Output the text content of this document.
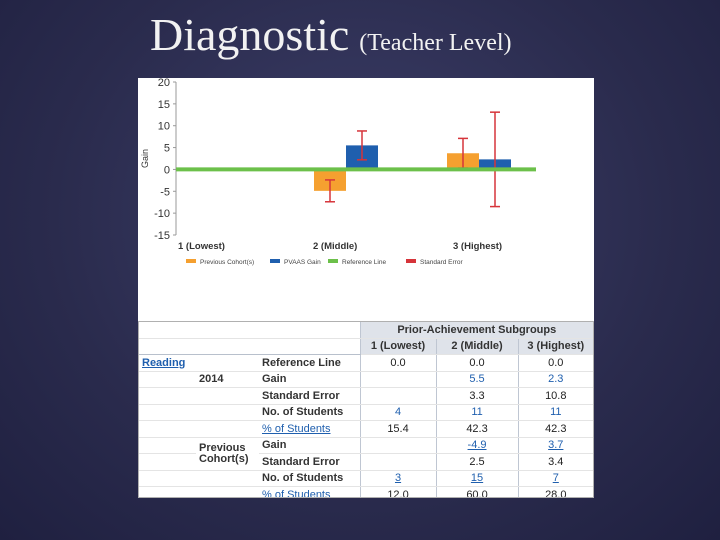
Diagnostic (Teacher Level)
20
15
10
5
0
-5
-10
-15
Gain
1 (Lowest)	2 (Middle)	3 (Highest)
Previous Cohort(s)	PVAAS Gain	Reference Line	Standard Error
			Prior-Achievement Subgroups		
			1 (Lowest)	2 (Middle)	3 (Highest)
Reading		Reference Line	0.0	0.0	0.0
	2014	Gain		5.5	2.3
		Standard Error		3.3	10.8
		No. of Students	4	11	11
		% of Students	15.4	42.3	42.3
	Previous Cohort(s)	Gain		-4.9	3.7
		Standard Error		2.5	3.4
		No. of Students	3	15	7
		% of Students	12.0	60.0	28.0
